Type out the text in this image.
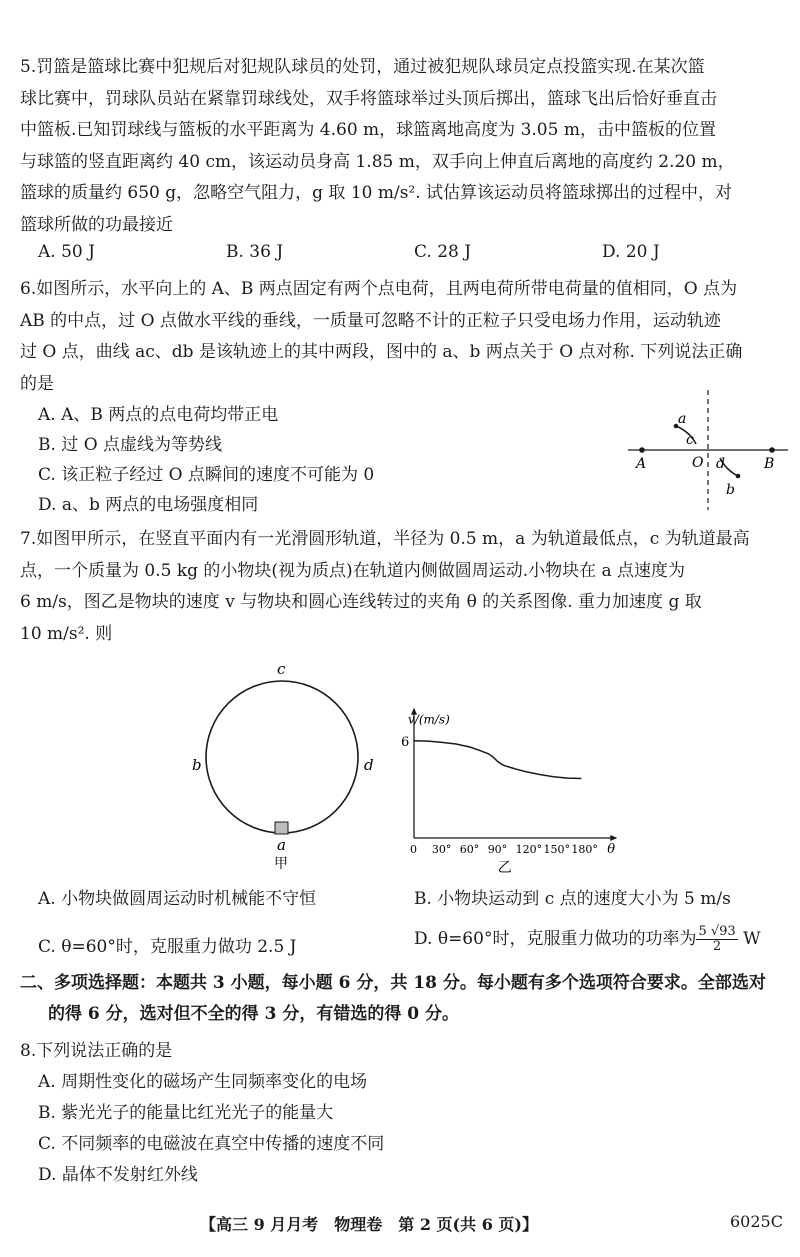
5.罚篮是篮球比赛中犯规后对犯规队球员的处罚，通过被犯规队球员定点投篮实现.在某次篮
球比赛中，罚球队员站在紧靠罚球线处，双手将篮球举过头顶后掷出，篮球飞出后恰好垂直击
中篮板.已知罚球线与篮板的水平距离为 4.60 m，球篮离地高度为 3.05 m，击中篮板的位置
与球篮的竖直距离约 40 cm，该运动员身高 1.85 m，双手向上伸直后离地的高度约 2.20 m，
篮球的质量约 650 g，忽略空气阻力，g 取 10 m/s². 试估算该运动员将篮球掷出的过程中，对
篮球所做的功最接近
A. 50 J	B. 36 J	C. 28 J	D. 20 J
6.如图所示，水平向上的 A、B 两点固定有两个点电荷，且两电荷所带电荷量的值相同，O 点为
AB 的中点，过 O 点做水平线的垂线，一质量可忽略不计的正粒子只受电场力作用，运动轨迹
过 O 点，曲线 ac、db 是该轨迹上的其中两段，图中的 a、b 两点关于 O 点对称. 下列说法正确
的是
A. A、B 两点的点电荷均带正电
B. 过 O 点虚线为等势线
C. 该正粒子经过 O 点瞬间的速度不可能为 0
D. a、b 两点的电场强度相同
a
c
A	O d	B
b
7.如图甲所示，在竖直平面内有一光滑圆形轨道，半径为 0.5 m，a 为轨道最低点，c 为轨道最高
点，一个质量为 0.5 kg 的小物块(视为质点)在轨道内侧做圆周运动.小物块在 a 点速度为
6 m/s，图乙是物块的速度 v 与物块和圆心连线转过的夹角 θ 的关系图像. 重力加速度 g 取
10 m/s². 则
c
b	d
a
甲
6
v/(m/s)
0 30° 60° 90° 120° 150° 180° θ
乙
A. 小物块做圆周运动时机械能不守恒	B. 小物块运动到 c 点的速度大小为 5 m/s
C. θ=60°时，克服重力做功 2.5 J	D. θ=60°时，克服重力做功的功率为 $\frac{5 √93}{2}$ W
二、多项选择题：本题共 3 小题，每小题 6 分，共 18 分。每小题有多个选项符合要求。全部选对
的得 6 分，选对但不全的得 3 分，有错选的得 0 分。
8.下列说法正确的是
A. 周期性变化的磁场产生同频率变化的电场
B. 紫光光子的能量比红光光子的能量大
C. 不同频率的电磁波在真空中传播的速度不同
D. 晶体不发射红外线
【高三 9 月月考　物理卷　第 2 页(共 6 页)】	6025C
